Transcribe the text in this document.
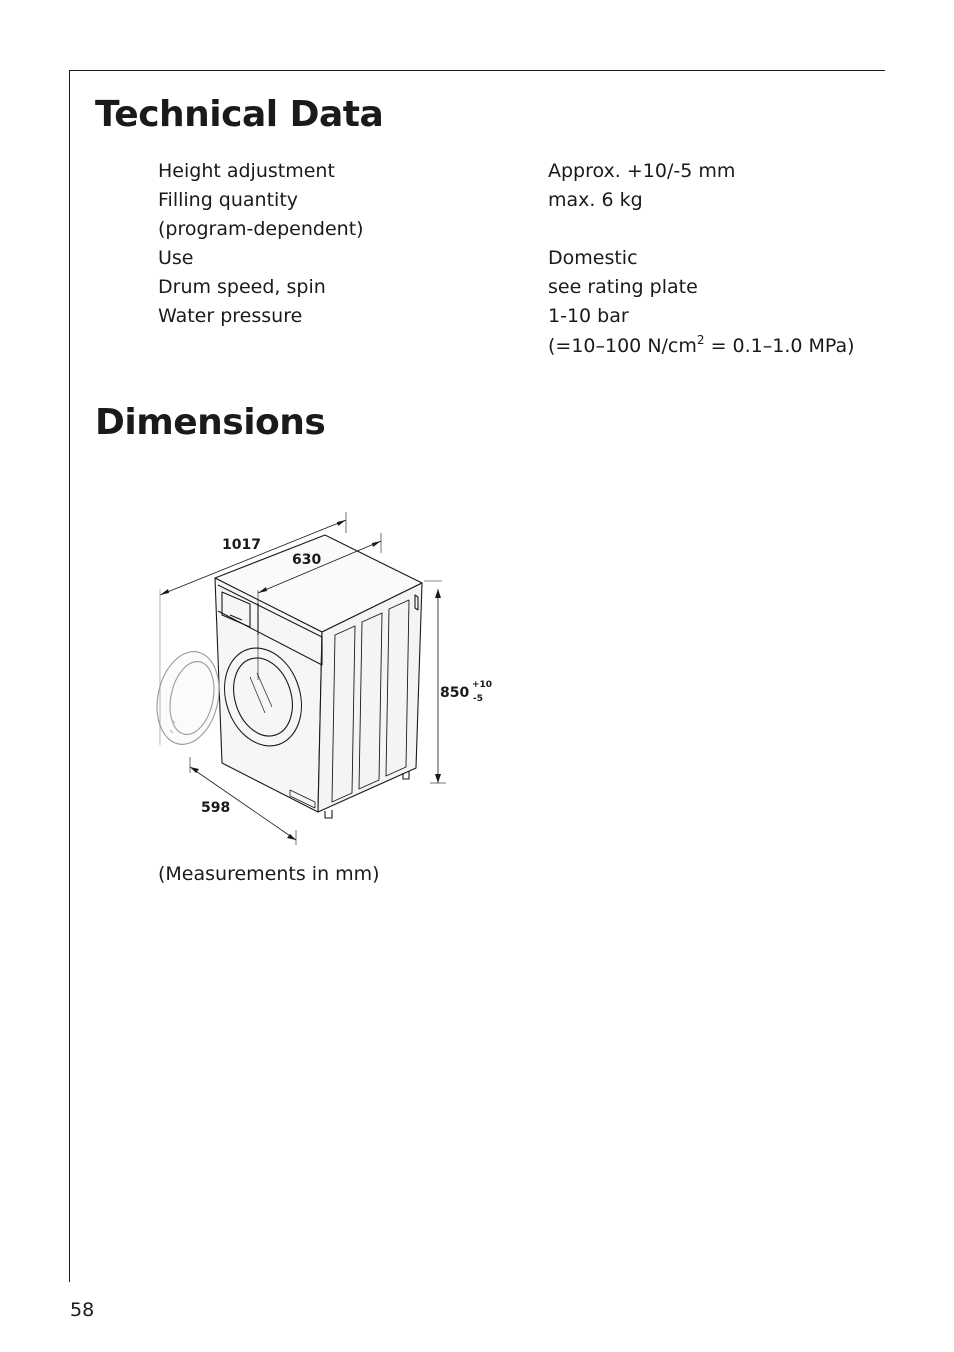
Technical Data
Height adjustment	Approx. +10/-5 mm
Filling quantity	max. 6 kg
(program-dependent)
Use	Domestic
Drum speed, spin	see rating plate
Water pressure	1-10 bar
(=10–100 $N/cm^2 = 0.1-1.0$ MPa)
Dimensions
1017
630
850 +10
-5
598
(Measurements in mm)
58
